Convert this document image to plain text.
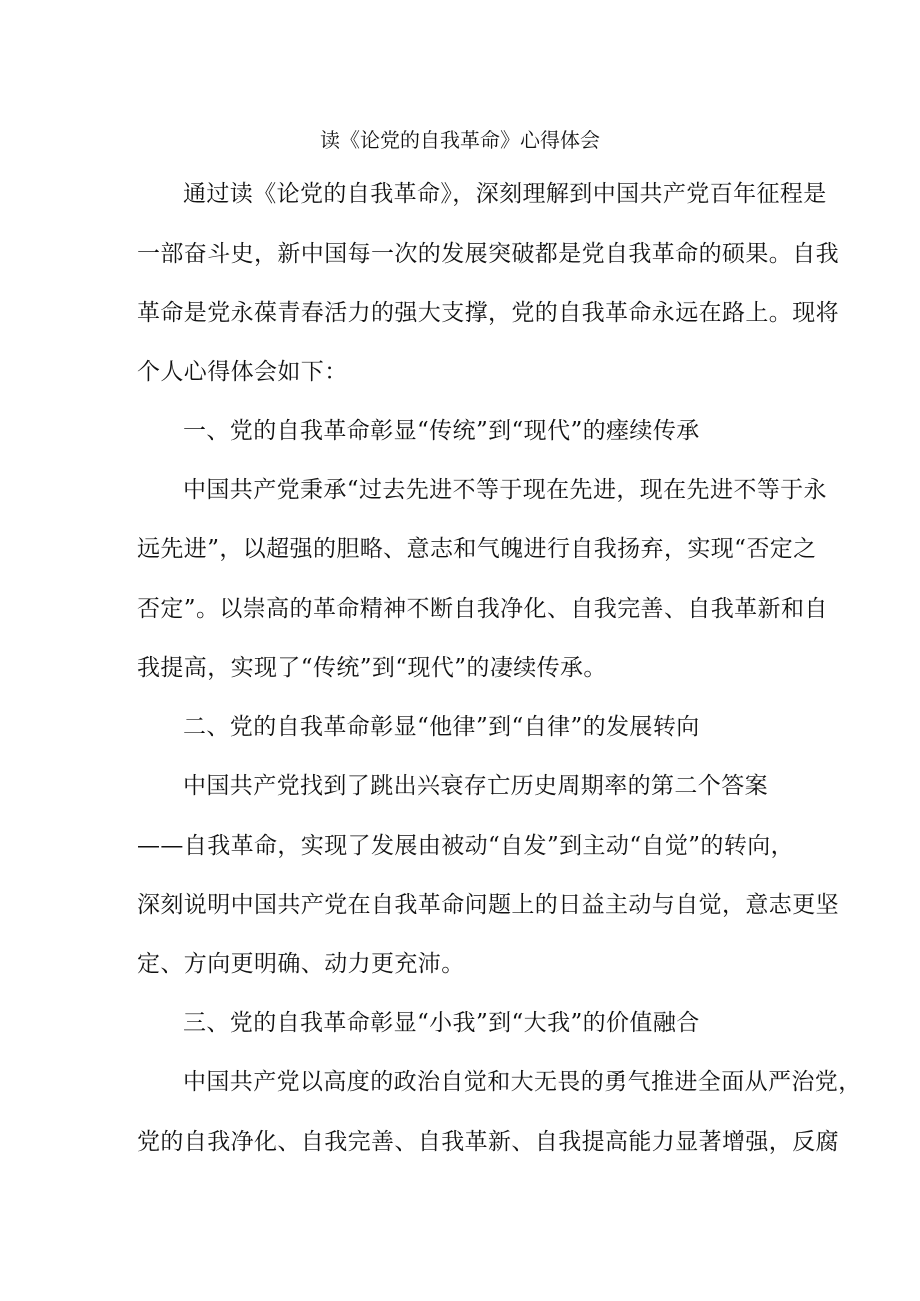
读《论党的自我革命》心得体会
通过读《论党的自我革命》，深刻理解到中国共产党百年征程是
一部奋斗史，新中国每一次的发展突破都是党自我革命的硕果。自我
革命是党永葆青春活力的强大支撑，党的自我革命永远在路上。现将
个人心得体会如下：
一、党的自我革命彰显“传统”到“现代”的瘗续传承
中国共产党秉承“过去先进不等于现在先进，现在先进不等于永
远先进”，以超强的胆略、意志和气魄进行自我扬弃，实现“否定之
否定”。以崇高的革命精神不断自我净化、自我完善、自我革新和自
我提高，实现了“传统”到“现代”的凄续传承。
二、党的自我革命彰显“他律”到“自律”的发展转向
中国共产党找到了跳出兴衰存亡历史周期率的第二个答案
——自我革命，实现了发展由被动“自发”到主动“自觉”的转向，
深刻说明中国共产党在自我革命问题上的日益主动与自觉，意志更坚
定、方向更明确、动力更充沛。
三、党的自我革命彰显“小我”到“大我”的价值融合
中国共产党以高度的政治自觉和大无畏的勇气推进全面从严治党，
党的自我净化、自我完善、自我革新、自我提高能力显著增强，反腐
